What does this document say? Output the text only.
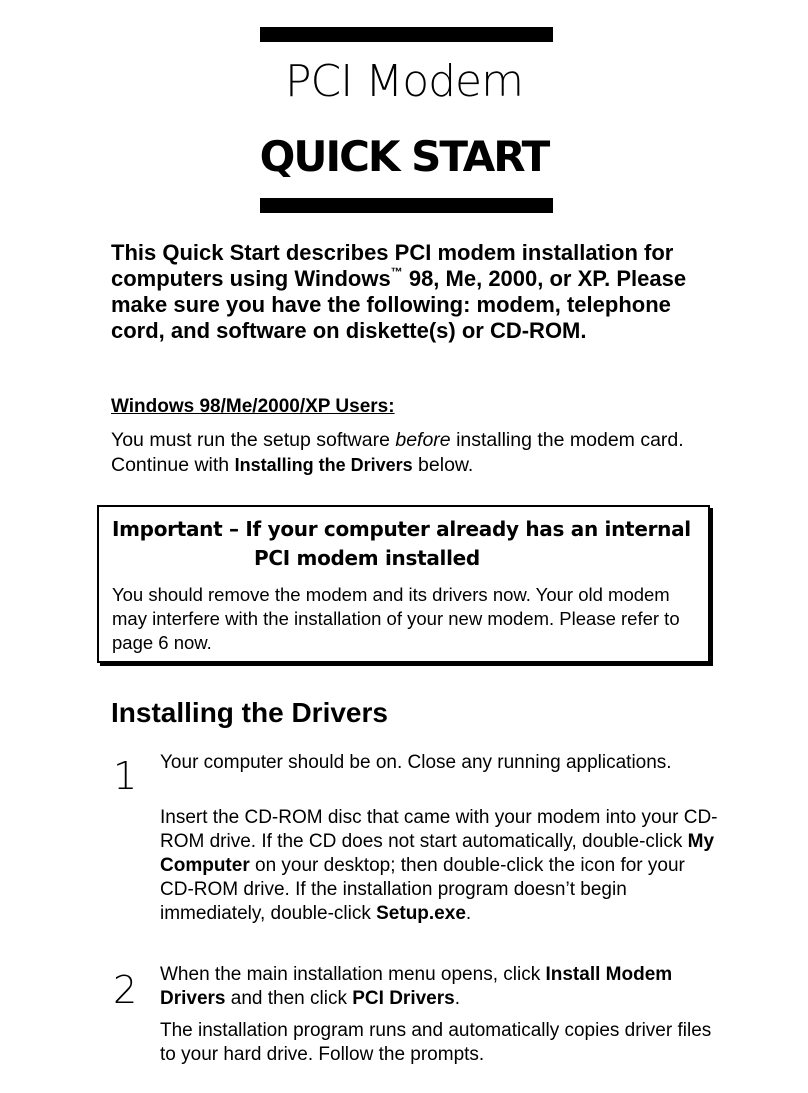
PCI Modem
QUICK START
This Quick Start describes PCI modem installation for computers using Windows™ 98, Me, 2000, or XP. Please make sure you have the following: modem, telephone cord, and software on diskette(s) or CD-ROM.
Windows 98/Me/2000/XP Users:
You must run the setup software before installing the modem card. Continue with Installing the Drivers below.
Important – If your computer already has an internal
PCI modem installed
You should remove the modem and its drivers now. Your old modem may interfere with the installation of your new modem. Please refer to page 6 now.
Installing the Drivers
1 Your computer should be on. Close any running applications.
Insert the CD-ROM disc that came with your modem into your CD-ROM drive. If the CD does not start automatically, double-click My Computer on your desktop; then double-click the icon for your CD-ROM drive. If the installation program doesn’t begin immediately, double-click Setup.exe.
2 When the main installation menu opens, click Install Modem Drivers and then click PCI Drivers.
The installation program runs and automatically copies driver files to your hard drive. Follow the prompts.
